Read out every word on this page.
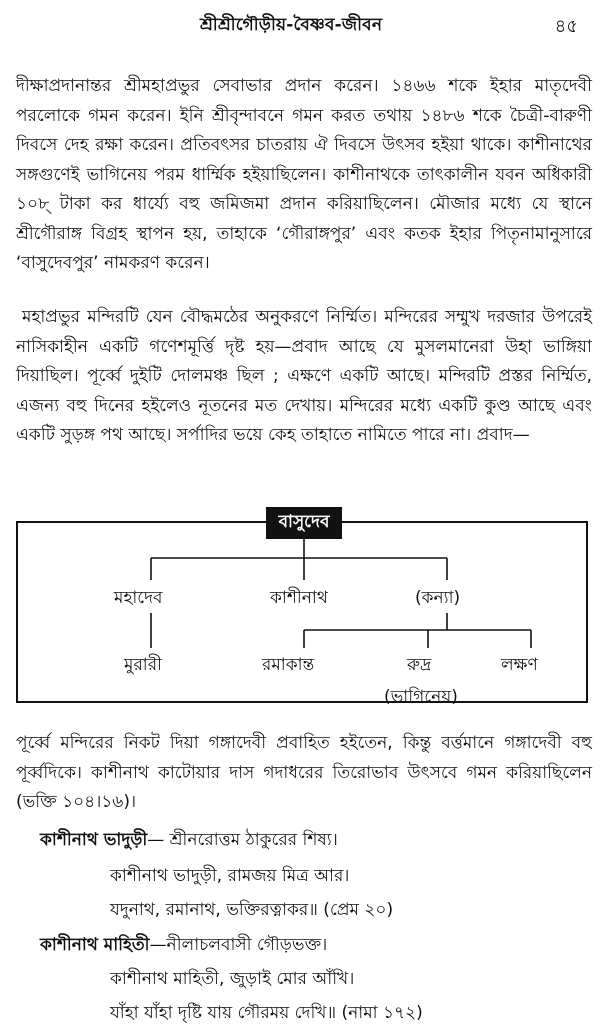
শ্রীশ্রীগৌড়ীয়-বৈষ্ণব-জীবন	৪৫

দীক্ষাপ্রদানান্তর শ্রীমহাপ্রভুর সেবাভার প্রদান করেন। ১৪৬৬ শকে ইহার মাতৃদেবী পরলোকে গমন করেন। ইনি শ্রীবৃন্দাবনে গমন করত তথায় ১৪৮৬ শকে চৈত্রী-বারুণী দিবসে দেহ রক্ষা করেন। প্রতিবৎসর চাতরায় ঐ দিবসে উৎসব হইয়া থাকে। কাশীনাথের সঙ্গগুণেই ভাগিনেয় পরম ধার্ম্মিক হইয়াছিলেন। কাশীনাথকে তাৎকালীন যবন অধিকারী ১০৮্‌ টাকা কর ধার্য্যে বহু জমিজমা প্রদান করিয়াছিলেন। মৌজার মধ্যে যে স্থানে শ্রীগৌরাঙ্গ বিগ্রহ স্থাপন হয়, তাহাকে ‘গৌরাঙ্গপুর’ এবং কতক ইহার পিতৃনামানুসারে ‘বাসুদেবপুর’ নামকরণ করেন।

মহাপ্রভুর মন্দিরটি যেন বৌদ্ধমঠের অনুকরণে নির্ম্মিত। মন্দিরের সম্মুখ দরজার উপরেই নাসিকাহীন একটি গণেশমূর্ত্তি দৃষ্ট হয়—প্রবাদ আছে যে মুসলমানেরা উহা ভাঙ্গিয়া দিয়াছিল। পূর্ব্বে দুইটি দোলমঞ্চ ছিল ; এক্ষণে একটি আছে। মন্দিরটি প্রস্তর নির্ম্মিত, এজন্য বহু দিনের হইলেও নূতনের মত দেখায়। মন্দিরের মধ্যে একটি কুণ্ড আছে এবং একটি সুড়ঙ্গ পথ আছে। সর্পাদির ভয়ে কেহ তাহাতে নামিতে পারে না। প্রবাদ—

বাসুদেব
মহাদেব	কাশীনাথ	(কন্যা)
মুরারী	রমাকান্ত	রুদ্র	লক্ষণ
(ভাগিনেয়)

পূর্ব্বে মন্দিরের নিকট দিয়া গঙ্গাদেবী প্রবাহিত হইতেন, কিন্তু বর্ত্তমানে গঙ্গাদেবী বহু পূর্ব্বদিকে। কাশীনাথ কাটোয়ার দাস গদাধরের তিরোভাব উৎসবে গমন করিয়াছিলেন (ভক্তি ১০৪।১৬)।

কাশীনাথ ভাদুড়ী— শ্রীনরোত্তম ঠাকুরের শিষ্য।
কাশীনাথ ভাদুড়ী, রামজয় মিত্র আর।
যদুনাথ, রমানাথ, ভক্তিরত্নাকর॥ (প্রেম ২০)
কাশীনাথ মাহিতী—নীলাচলবাসী গৌড়ভক্ত।
কাশীনাথ মাহিতী, জুড়াই মোর আঁখি।
যাঁহা যাঁহা দৃষ্টি যায় গৌরময় দেখি॥ (নামা ১৭২)
